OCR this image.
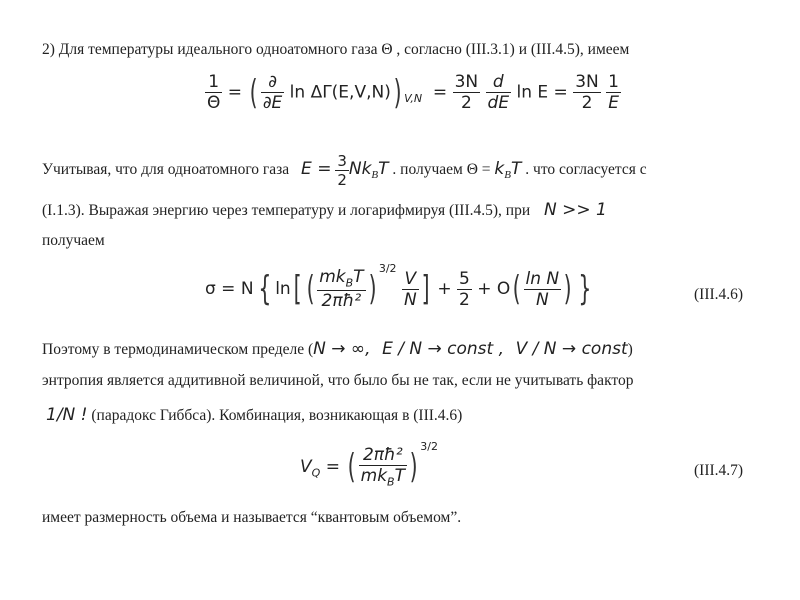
2) Для температуры идеального одноатомного газа Θ , согласно (III.3.1) и (III.4.5), имеем
$\frac{1}{\Theta}$ = ( $\frac{\partial}{\partial E}$ ln ΔΓ(E,V,N)) $_{V,N} = \frac{3N}{2}$
$\frac{d}{dE}$ $\ln E = \frac{3N}{2}$
$\frac{1}{E}$
Учитывая, что для одноатомного газа $E = \frac{3}{2} Nk_BT$ . получаем $\Theta = k_BT$ . что согласуется с
(I.1.3). Выражая энергию через температуру и логарифмируя (III.4.5), при N >> 1
получаем
σ = N { ln[ ( $\frac{mk_BT}{\text{2πħ²}} )^{3/2} \frac{V}{N}$ ] + $\frac{5}{2} + O( \frac{\text{ln N}}{N}$ ) }	(III.4.6)
Поэтому в термодинамическом пределе (N → ∞, E / N → const , V / N → const)
энтропия является аддитивной величиной, что было бы не так, если не учитывать фактор
1/N ! (парадокс Гиббса). Комбинация, возникающая в (III.4.6)
$V_Q$ = ( $\frac{\text{2πħ²}}{mk_BT} )^{3/2}$
(III.4.7)
имеет размерность объема и называется “квантовым объемом”.
